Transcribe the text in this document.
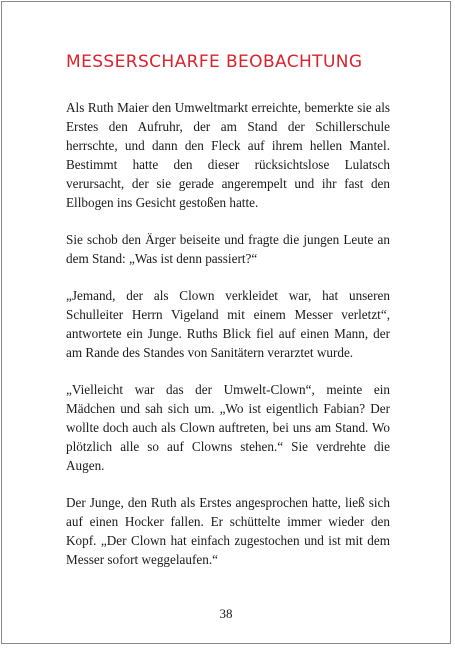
MESSERSCHARFE BEOBACHTUNG

Als Ruth Maier den Umweltmarkt erreichte, bemerkte sie als Erstes den Aufruhr, der am Stand der Schillerschule herrschte, und dann den Fleck auf ihrem hellen Mantel. Bestimmt hatte den dieser rücksichtslose Lulatsch verursacht, der sie gerade angerempelt und ihr fast den Ellbogen ins Gesicht gestoßen hatte.

Sie schob den Ärger beiseite und fragte die jungen Leute an dem Stand: „Was ist denn passiert?“

„Jemand, der als Clown verkleidet war, hat unseren Schulleiter Herrn Vigeland mit einem Messer verletzt“, antwortete ein Junge. Ruths Blick fiel auf einen Mann, der am Rande des Standes von Sanitätern verarztet wurde.

„Vielleicht war das der Umwelt-Clown“, meinte ein Mädchen und sah sich um. „Wo ist eigentlich Fabian? Der wollte doch auch als Clown auftreten, bei uns am Stand. Wo plötzlich alle so auf Clowns stehen.“ Sie verdrehte die Augen.

Der Junge, den Ruth als Erstes angesprochen hatte, ließ sich auf einen Hocker fallen. Er schüttelte immer wieder den Kopf. „Der Clown hat einfach zugestochen und ist mit dem Messer sofort weggelaufen.“

38
